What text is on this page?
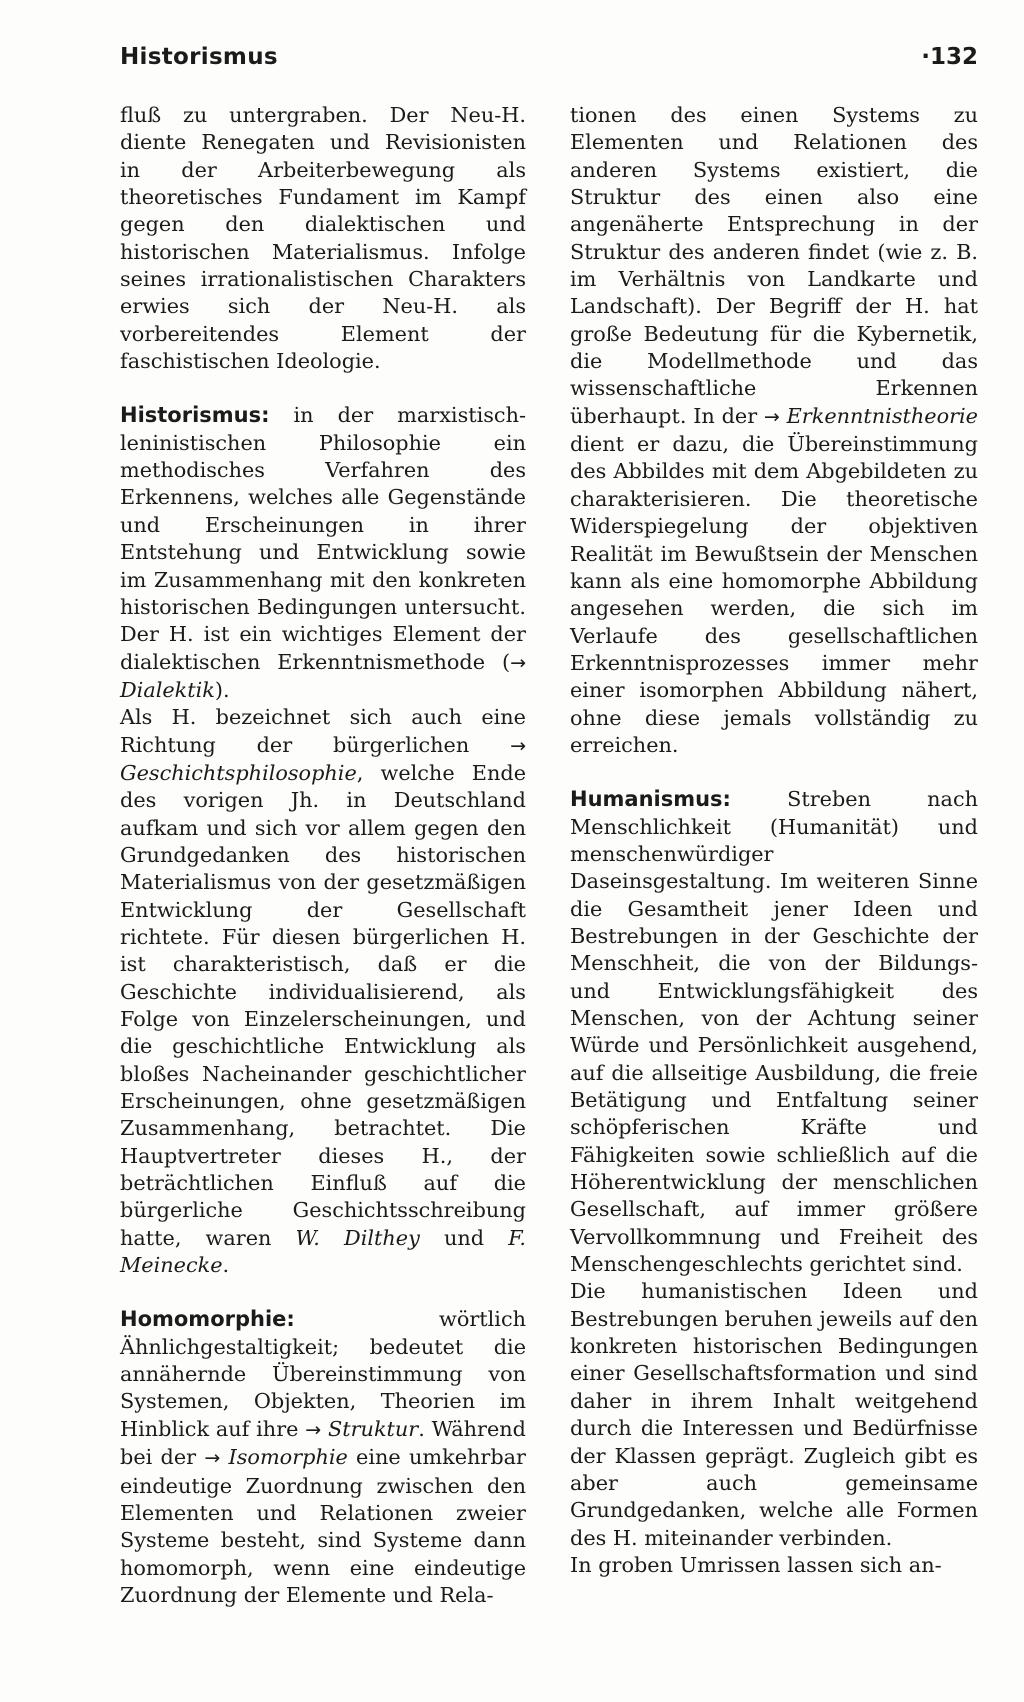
Historismus	·132

fluß zu untergraben. Der Neu-H. diente Renegaten und Revisionisten in der Arbeiterbewegung als theoretisches Fundament im Kampf gegen den dialektischen und historischen Materialismus. Infolge seines irrationalistischen Charakters erwies sich der Neu-H. als vorbereitendes Element der faschistischen Ideologie.

Historismus: in der marxistisch-leninistischen Philosophie ein methodisches Verfahren des Erkennens, welches alle Gegenstände und Erscheinungen in ihrer Entstehung und Entwicklung sowie im Zusammenhang mit den konkreten historischen Bedingungen untersucht. Der H. ist ein wichtiges Element der dialektischen Erkenntnismethode (→ Dialektik).

Als H. bezeichnet sich auch eine Richtung der bürgerlichen → Geschichtsphilosophie, welche Ende des vorigen Jh. in Deutschland aufkam und sich vor allem gegen den Grundgedanken des historischen Materialismus von der gesetzmäßigen Entwicklung der Gesellschaft richtete. Für diesen bürgerlichen H. ist charakteristisch, daß er die Geschichte individualisierend, als Folge von Einzelerscheinungen, und die geschichtliche Entwicklung als bloßes Nacheinander geschichtlicher Erscheinungen, ohne gesetzmäßigen Zusammenhang, betrachtet. Die Hauptvertreter dieses H., der beträchtlichen Einfluß auf die bürgerliche Geschichtsschreibung hatte, waren W. Dilthey und F. Meinecke.

Homomorphie: wörtlich Ähnlichgestaltigkeit; bedeutet die annähernde Übereinstimmung von Systemen, Objekten, Theorien im Hinblick auf ihre → Struktur. Während bei der → Isomorphie eine umkehrbar eindeutige Zuordnung zwischen den Elementen und Relationen zweier Systeme besteht, sind Systeme dann homomorph, wenn eine eindeutige Zuordnung der Elemente und Rela-

tionen des einen Systems zu Elementen und Relationen des anderen Systems existiert, die Struktur des einen also eine angenäherte Entsprechung in der Struktur des anderen findet (wie z. B. im Verhältnis von Landkarte und Landschaft). Der Begriff der H. hat große Bedeutung für die Kybernetik, die Modellmethode und das wissenschaftliche Erkennen überhaupt. In der → Erkenntnistheorie dient er dazu, die Übereinstimmung des Abbildes mit dem Abgebildeten zu charakterisieren. Die theoretische Widerspiegelung der objektiven Realität im Bewußtsein der Menschen kann als eine homomorphe Abbildung angesehen werden, die sich im Verlaufe des gesellschaftlichen Erkenntnisprozesses immer mehr einer isomorphen Abbildung nähert, ohne diese jemals vollständig zu erreichen.

Humanismus: Streben nach Menschlichkeit (Humanität) und menschenwürdiger Daseinsgestaltung. Im weiteren Sinne die Gesamtheit jener Ideen und Bestrebungen in der Geschichte der Menschheit, die von der Bildungs- und Entwicklungsfähigkeit des Menschen, von der Achtung seiner Würde und Persönlichkeit ausgehend, auf die allseitige Ausbildung, die freie Betätigung und Entfaltung seiner schöpferischen Kräfte und Fähigkeiten sowie schließlich auf die Höherentwicklung der menschlichen Gesellschaft, auf immer größere Vervollkommnung und Freiheit des Menschengeschlechts gerichtet sind.

Die humanistischen Ideen und Bestrebungen beruhen jeweils auf den konkreten historischen Bedingungen einer Gesellschaftsformation und sind daher in ihrem Inhalt weitgehend durch die Interessen und Bedürfnisse der Klassen geprägt. Zugleich gibt es aber auch gemeinsame Grundgedanken, welche alle Formen des H. miteinander verbinden.

In groben Umrissen lassen sich an-
